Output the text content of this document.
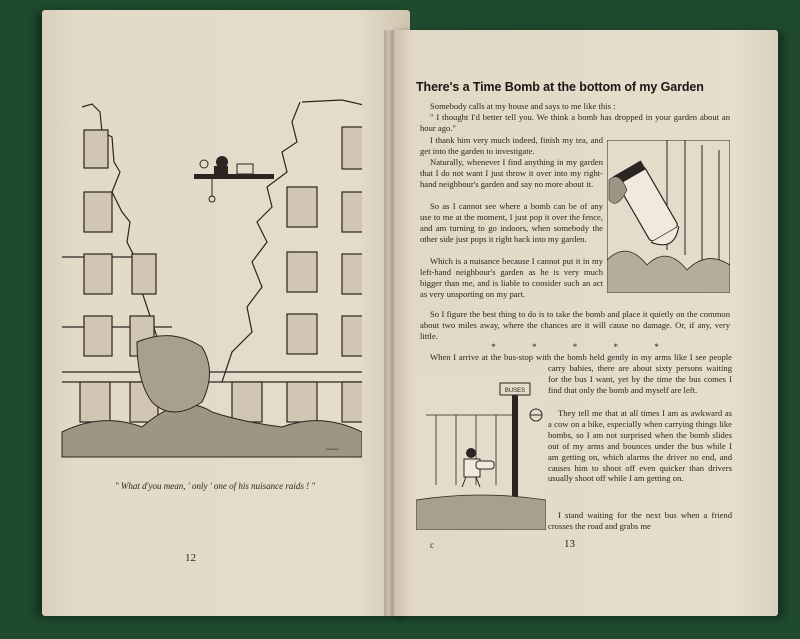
~~~
" What d'you mean, ' only ' one of his nuisance raids ! "
12
There's a Time Bomb at the bottom of my Garden
Somebody calls at my house and says to me like this :
" I thought I'd better tell you. We think a bomb has dropped in your garden about an hour ago."
I thank him very much indeed, finish my tea, and get into the garden to investigate.
Naturally, whenever I find anything in my garden that I do not want I just throw it over into my right-hand neighbour's garden and say no more about it.
So as I cannot see where a bomb can be of any use to me at the moment, I just pop it over the fence, and am turning to go indoors, when somebody the other side just pops it right back into my garden.
Which is a nuisance because I cannot put it in my left-hand neighbour's garden as he is very much bigger than me, and is liable to consider such an act as very unsporting on my part.
So I figure the best thing to do is to take the bomb and place it quietly on the common about two miles away, where the chances are it will cause no damage. Or, if any, very little.
* * * * *
When I arrive at the bus-stop with the bomb held gently in my arms like I see people carry babies, there are about sixty persons waiting for the bus I want, yet by the time the bus comes I find that only the bomb and myself are left.
They tell me that at all times I am as awkward as a cow on a bike, especially when carrying things like bombs, so I am not surprised when the bomb slides out of my arms and bounces under the bus while I am getting on, which alarms the driver no end, and causes him to shoot off even quicker than drivers usually shoot off while I am getting on.
I stand waiting for the next bus when a friend crosses the road and grabs me
BUSES
c	13
